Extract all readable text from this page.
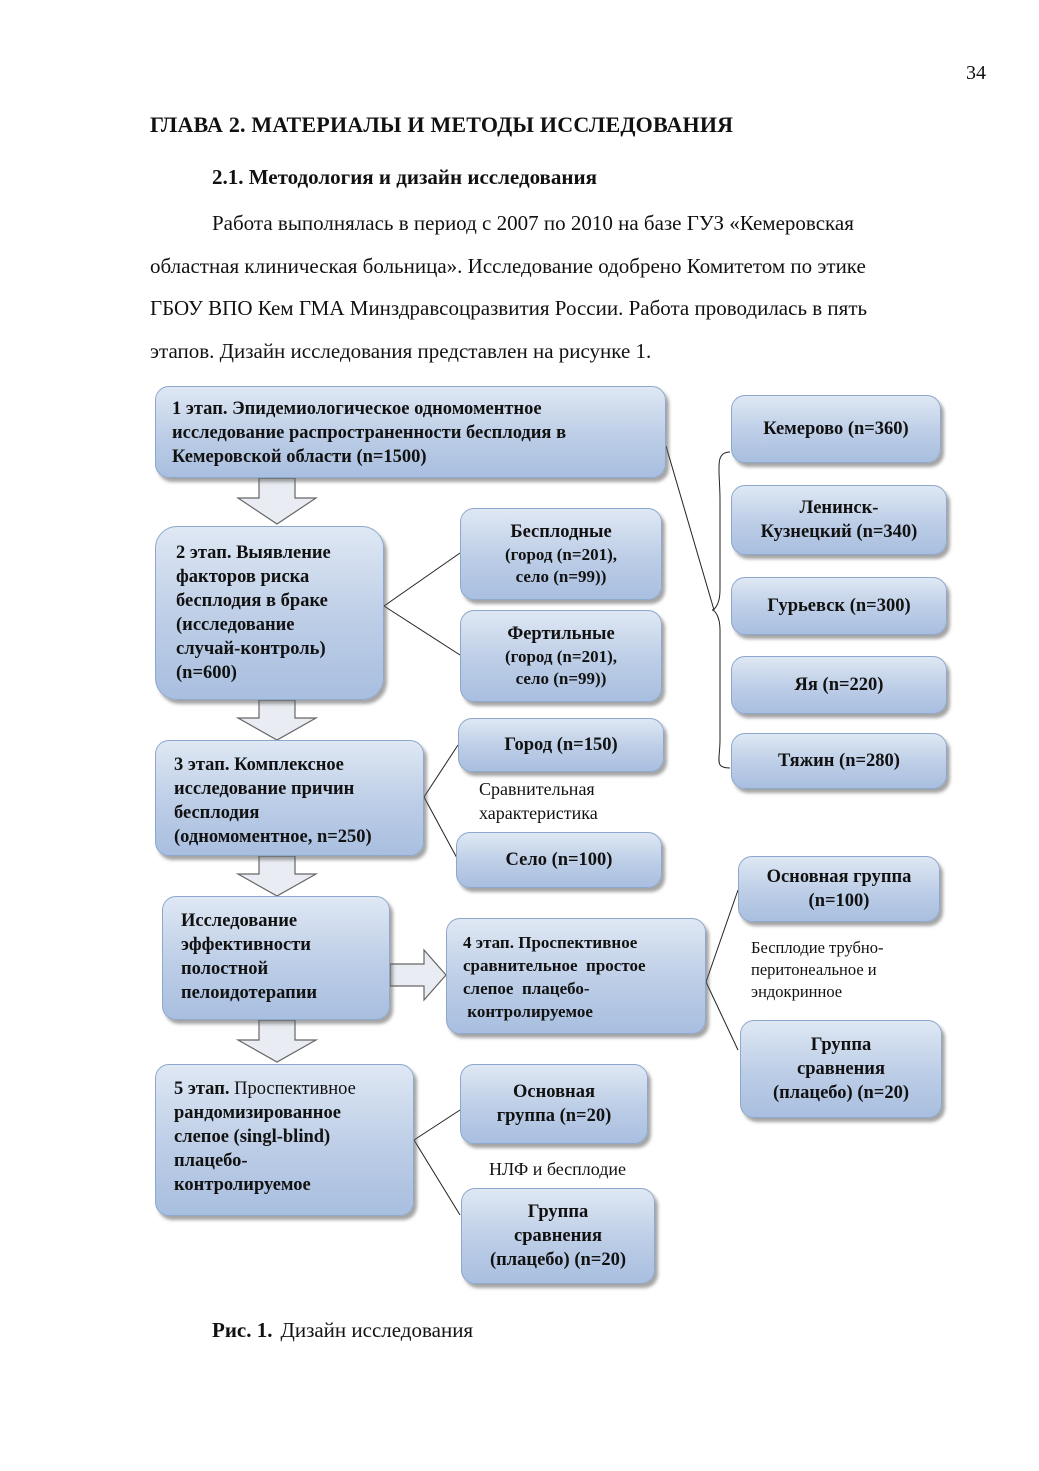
34
ГЛАВА 2. МАТЕРИАЛЫ И МЕТОДЫ ИССЛЕДОВАНИЯ
2.1. Методология и дизайн исследования
Работа выполнялась в период с 2007 по 2010 на базе ГУЗ «Кемеровская
областная клиническая больница». Исследование одобрено Комитетом по этике
ГБОУ ВПО Кем ГМА Минздравсоцразвития России. Работа проводилась в пять
этапов. Дизайн исследования представлен на рисунке 1.
1 этап. Эпидемиологическое одномоментное
исследование распространенности бесплодия в
Кемеровской области (n=1500)
Кемерово (n=360)
Ленинск-
Кузнецкий (n=340)
Гурьевск (n=300)
Яя (n=220)
Тяжин (n=280)
2 этап. Выявление
факторов риска
бесплодия в браке
(исследование
случай-контроль)
(n=600)
Бесплодные
(город (n=201),
село (n=99))
Фертильные
(город (n=201),
село (n=99))
3 этап. Комплексное
исследование причин
бесплодия
(одномоментное, n=250)
Город (n=150)
Сравнительная
характеристика
Село (n=100)
Исследование
эффективности
полостной
пелоидотерапии
4 этап. Проспективное
сравнительное  простое
слепое  плацебо-
контролируемое
Основная группа
(n=100)
Бесплодие трубно-
перитонеальное и
эндокринное
Группа
сравнения
(плацебо) (n=20)
5 этап. Проспективное
рандомизированное
слепое (singl-blind)
плацебо-
контролируемое
Основная
группа (n=20)
НЛФ и бесплодие
Группа
сравнения
(плацебо) (n=20)
Рис. 1. Дизайн исследования
